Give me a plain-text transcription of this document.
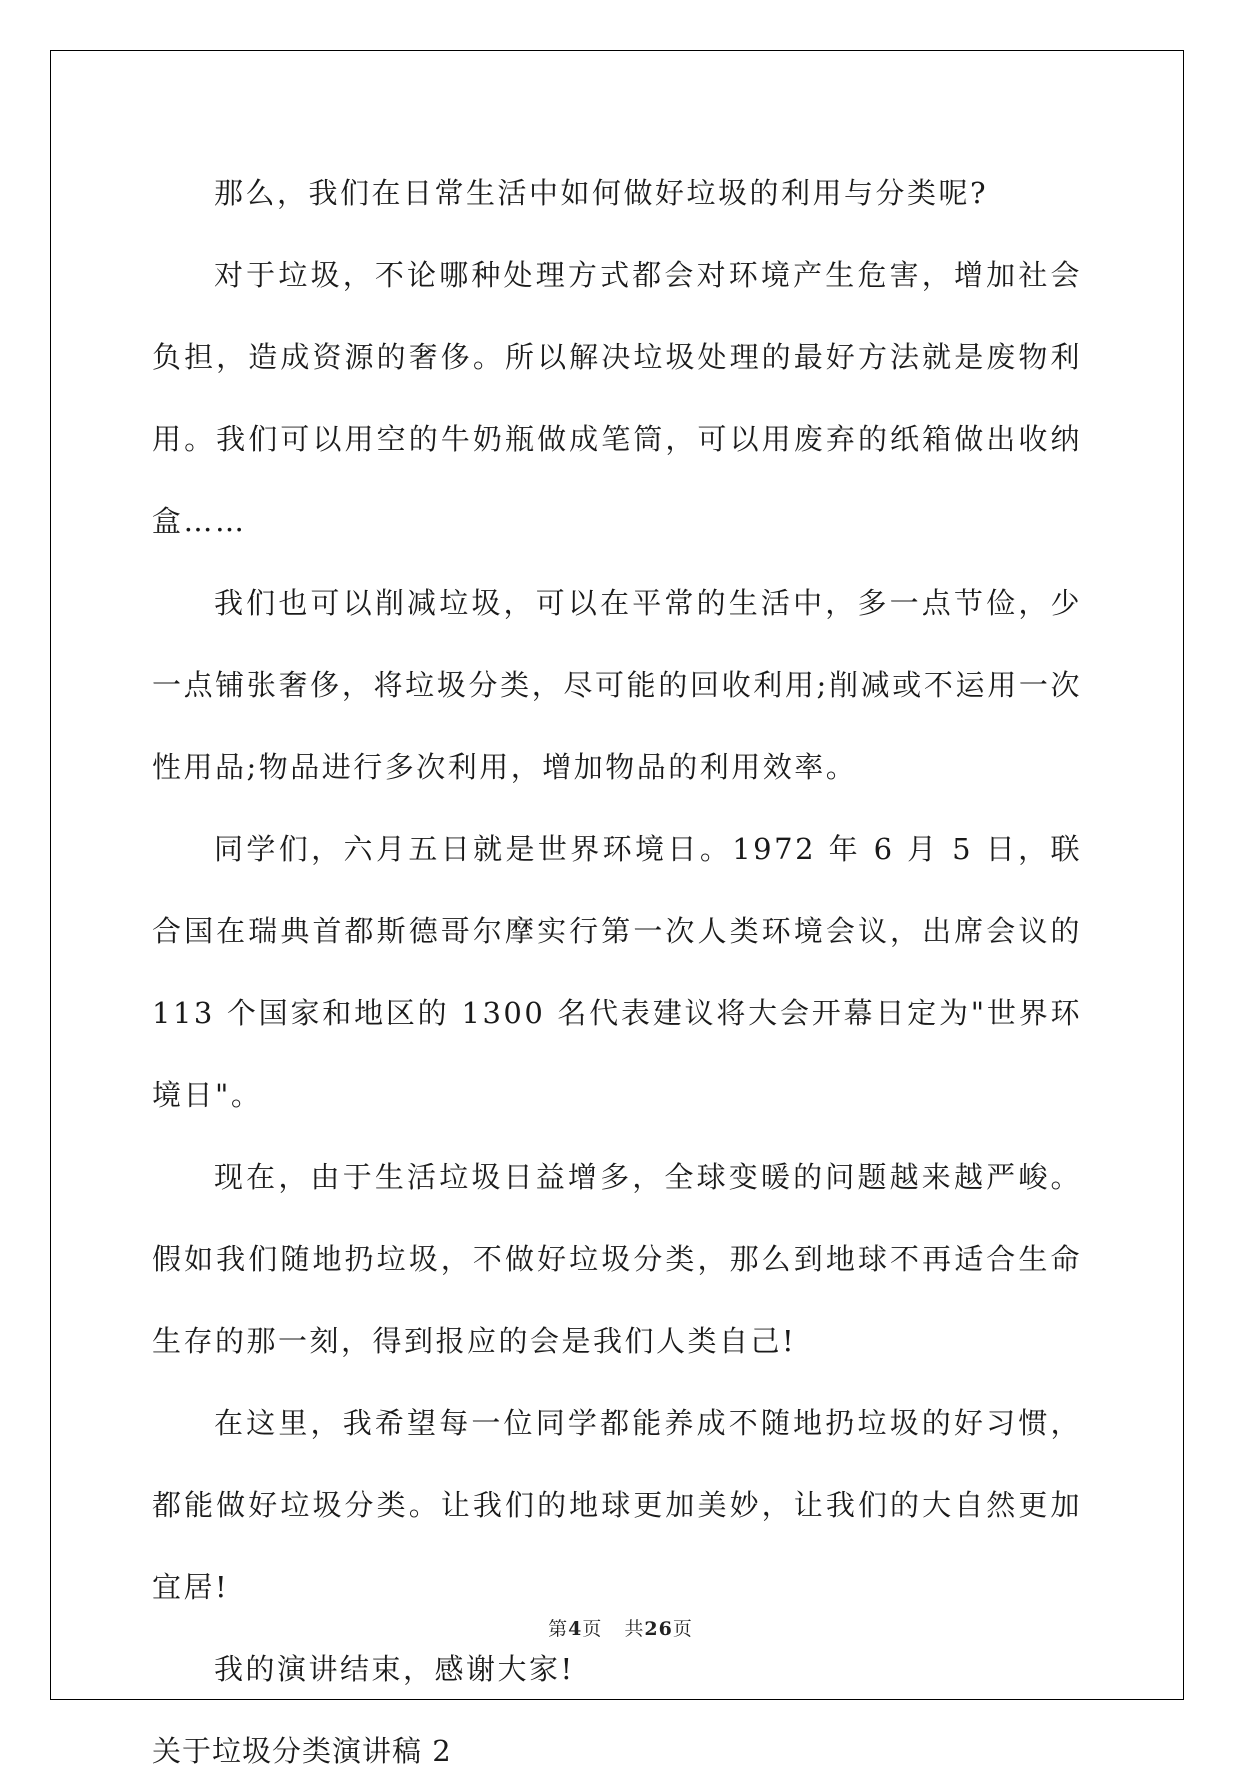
那么，我们在日常生活中如何做好垃圾的利用与分类呢?

对于垃圾，不论哪种处理方式都会对环境产生危害，增加社会负担，造成资源的奢侈。所以解决垃圾处理的最好方法就是废物利用。我们可以用空的牛奶瓶做成笔筒，可以用废弃的纸箱做出收纳盒……

我们也可以削减垃圾，可以在平常的生活中，多一点节俭，少一点铺张奢侈，将垃圾分类，尽可能的回收利用;削减或不运用一次性用品;物品进行多次利用，增加物品的利用效率。

同学们，六月五日就是世界环境日。1972 年 6 月 5 日，联合国在瑞典首都斯德哥尔摩实行第一次人类环境会议，出席会议的 113 个国家和地区的 1300 名代表建议将大会开幕日定为"世界环境日"。

现在，由于生活垃圾日益增多，全球变暖的问题越来越严峻。假如我们随地扔垃圾，不做好垃圾分类，那么到地球不再适合生命生存的那一刻，得到报应的会是我们人类自己!

在这里，我希望每一位同学都能养成不随地扔垃圾的好习惯，都能做好垃圾分类。让我们的地球更加美妙，让我们的大自然更加宜居!

我的演讲结束，感谢大家!

关于垃圾分类演讲稿 2

第4页 共26页
